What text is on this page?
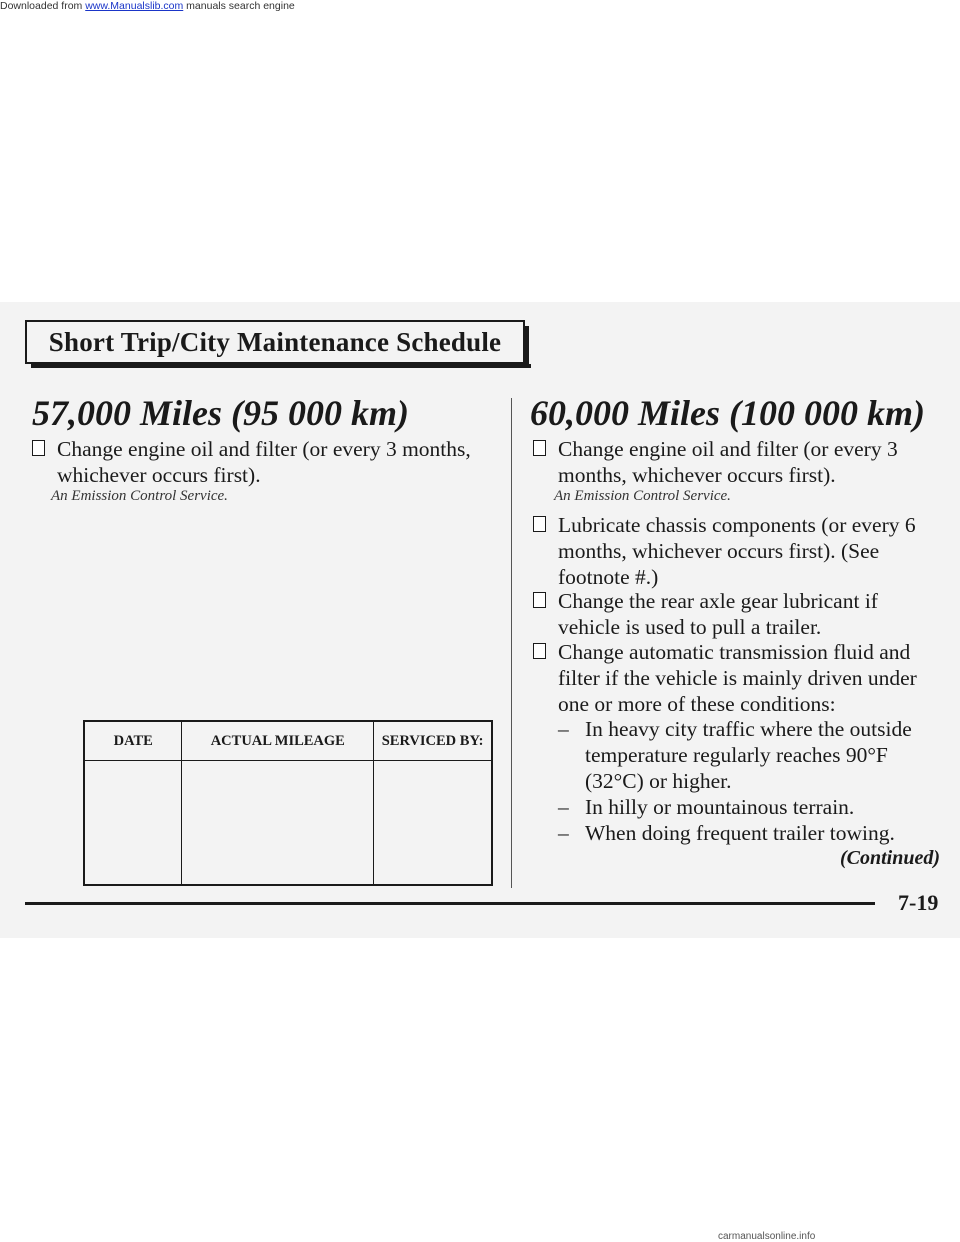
Downloaded from www.Manualslib.com manuals search engine
Short Trip/City Maintenance Schedule
57,000 Miles (95 000 km)
Change engine oil and filter (or every 3 months, whichever occurs first).
An Emission Control Service.
DATE	ACTUAL MILEAGE	SERVICED BY:

60,000 Miles (100 000 km)
Change engine oil and filter (or every 3 months, whichever occurs first).
An Emission Control Service.
Lubricate chassis components (or every 6 months, whichever occurs first). (See footnote #.)
Change the rear axle gear lubricant if vehicle is used to pull a trailer.
Change automatic transmission fluid and filter if the vehicle is mainly driven under one or more of these conditions:
– In heavy city traffic where the outside temperature regularly reaches 90°F (32°C) or higher.
– In hilly or mountainous terrain.
– When doing frequent trailer towing.
(Continued)
7-19
carmanualsonline.info
